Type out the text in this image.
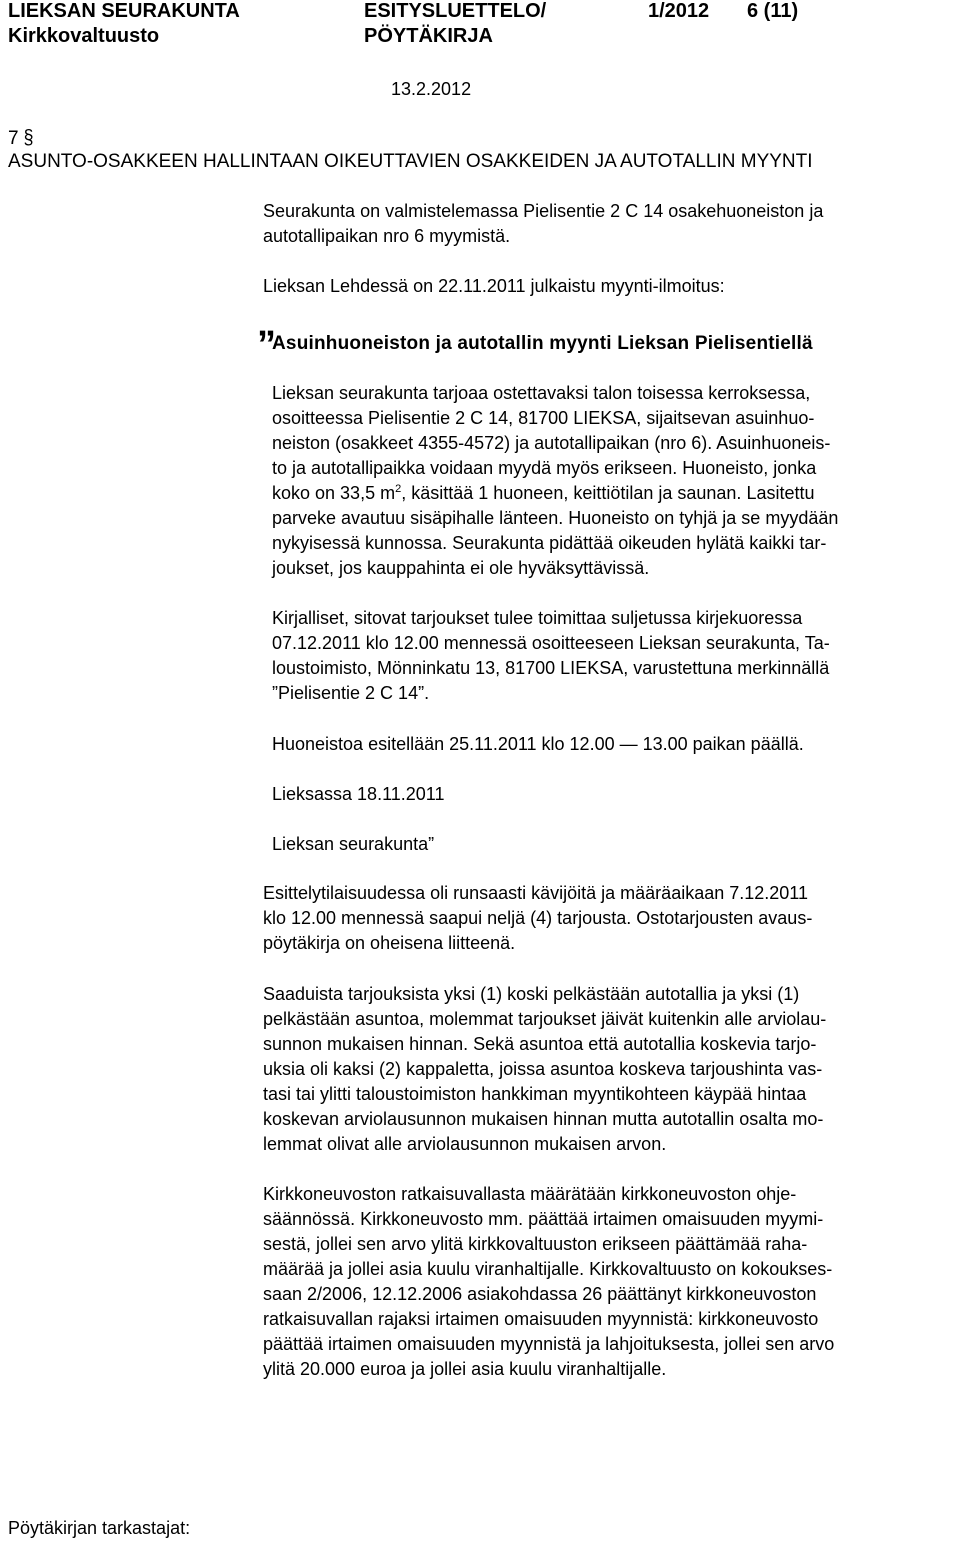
LIEKSAN SEURAKUNTA
Kirkkovaltuusto
ESITYSLUETTELO/
PÖYTÄKIRJA
1/2012 6 (11)
13.2.2012
7 §
ASUNTO-OSAKKEEN HALLINTAAN OIKEUTTAVIEN OSAKKEIDEN JA AUTOTALLIN MYYNTI
Seurakunta on valmistelemassa Pielisentie 2 C 14 osakehuoneiston ja
autotallipaikan nro 6 myymistä.
Lieksan Lehdessä on 22.11.2011 julkaistu myynti-ilmoitus:
”
Asuinhuoneiston ja autotallin myynti Lieksan Pielisentiellä
Lieksan seurakunta tarjoaa ostettavaksi talon toisessa kerroksessa,
osoitteessa Pielisentie 2 C 14, 81700 LIEKSA, sijaitsevan asuinhuo-
neiston (osakkeet 4355-4572) ja autotallipaikan (nro 6). Asuinhuoneis-
to ja autotallipaikka voidaan myydä myös erikseen. Huoneisto, jonka
koko on 33,5 $m^2$, käsittää 1 huoneen, keittiötilan ja saunan. Lasitettu
parveke avautuu sisäpihalle länteen. Huoneisto on tyhjä ja se myydään
nykyisessä kunnossa. Seurakunta pidättää oikeuden hylätä kaikki tar-
joukset, jos kauppahinta ei ole hyväksyttävissä.
Kirjalliset, sitovat tarjoukset tulee toimittaa suljetussa kirjekuoressa
07.12.2011 klo 12.00 mennessä osoitteeseen Lieksan seurakunta, Ta-
loustoimisto, Mönninkatu 13, 81700 LIEKSA, varustettuna merkinnällä
”Pielisentie 2 C 14”.
Huoneistoa esitellään 25.11.2011 klo 12.00 — 13.00 paikan päällä.
Lieksassa 18.11.2011
Lieksan seurakunta”
Esittelytilaisuudessa oli runsaasti kävijöitä ja määräaikaan 7.12.2011
klo 12.00 mennessä saapui neljä (4) tarjousta. Ostotarjousten avaus-
pöytäkirja on oheisena liitteenä.
Saaduista tarjouksista yksi (1) koski pelkästään autotallia ja yksi (1)
pelkästään asuntoa, molemmat tarjoukset jäivät kuitenkin alle arviolau-
sunnon mukaisen hinnan. Sekä asuntoa että autotallia koskevia tarjo-
uksia oli kaksi (2) kappaletta, joissa asuntoa koskeva tarjoushinta vas-
tasi tai ylitti taloustoimiston hankkiman myyntikohteen käypää hintaa
koskevan arviolausunnon mukaisen hinnan mutta autotallin osalta mo-
lemmat olivat alle arviolausunnon mukaisen arvon.
Kirkkoneuvoston ratkaisuvallasta määrätään kirkkoneuvoston ohje-
säännössä. Kirkkoneuvosto mm. päättää irtaimen omaisuuden myymi-
sestä, jollei sen arvo ylitä kirkkovaltuuston erikseen päättämää raha-
määrää ja jollei asia kuulu viranhaltijalle. Kirkkovaltuusto on kokoukses-
saan 2/2006, 12.12.2006 asiakohdassa 26 päättänyt kirkkoneuvoston
ratkaisuvallan rajaksi irtaimen omaisuuden myynnistä: kirkkoneuvosto
päättää irtaimen omaisuuden myynnistä ja lahjoituksesta, jollei sen arvo
ylitä 20.000 euroa ja jollei asia kuulu viranhaltijalle.
Pöytäkirjan tarkastajat:
